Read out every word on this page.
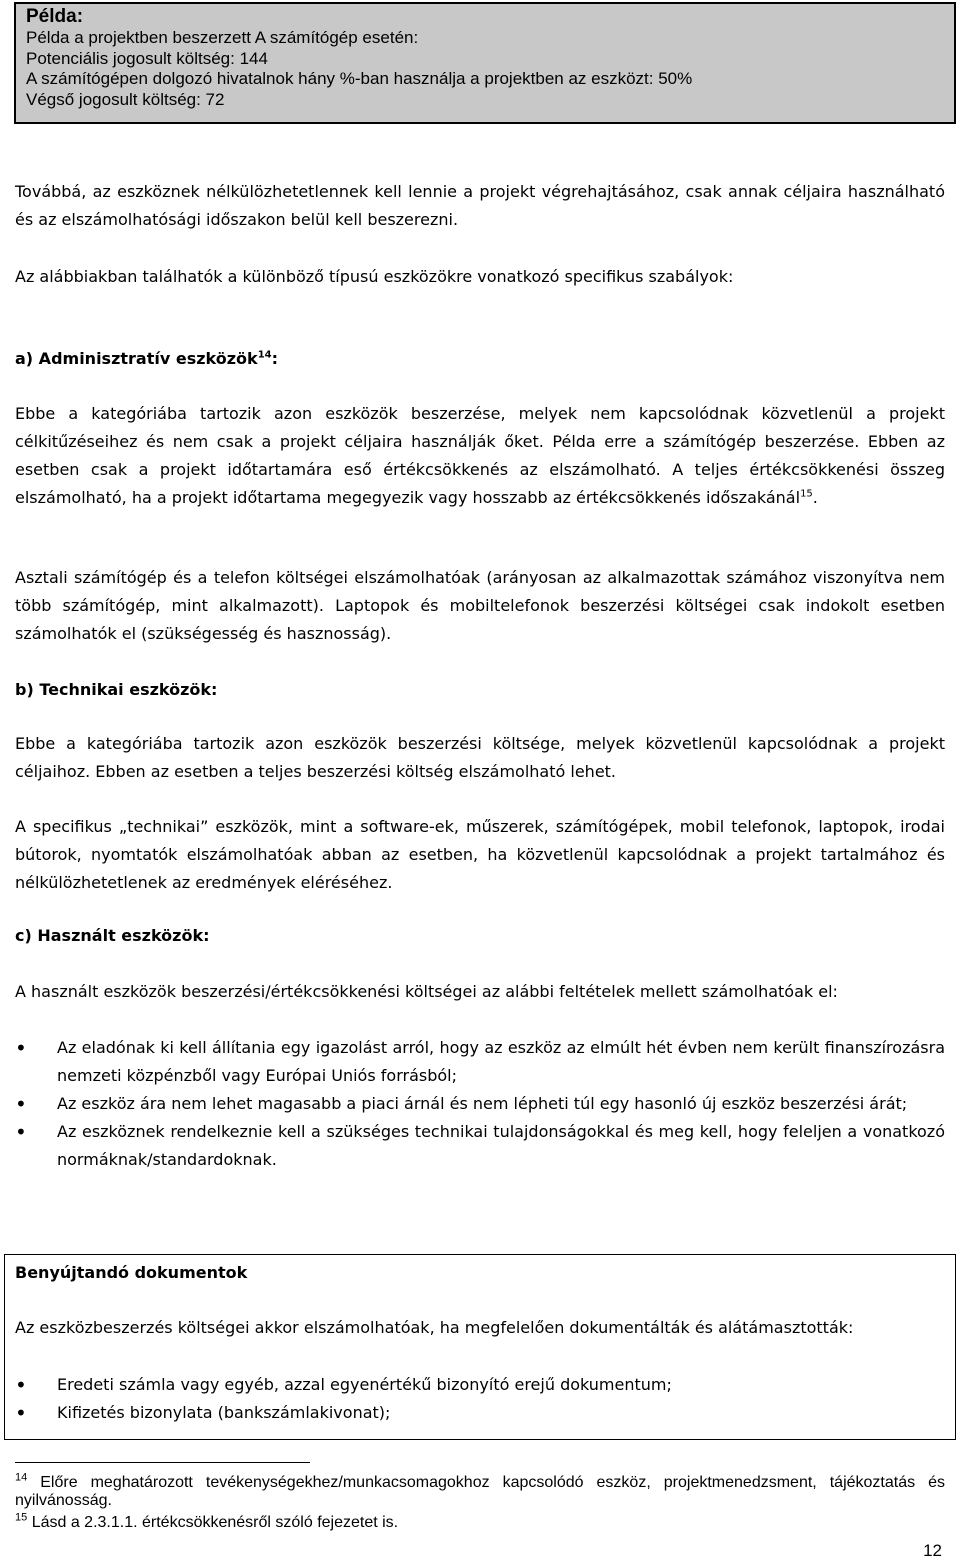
Példa:
Példa a projektben beszerzett A számítógép esetén:
Potenciális jogosult költség: 144
A számítógépen dolgozó hivatalnok hány %-ban használja a projektben az eszközt: 50%
Végső jogosult költség: 72

Továbbá, az eszköznek nélkülözhetetlennek kell lennie a projekt végrehajtásához, csak annak céljaira használható és az elszámolhatósági időszakon belül kell beszerezni.

Az alábbiakban találhatók a különböző típusú eszközökre vonatkozó specifikus szabályok:

a) Adminisztratív eszközök$^{14}$:

Ebbe a kategóriába tartozik azon eszközök beszerzése, melyek nem kapcsolódnak közvetlenül a projekt célkitűzéseihez és nem csak a projekt céljaira használják őket. Példa erre a számítógép beszerzése. Ebben az esetben csak a projekt időtartamára eső értékcsökkenés az elszámolható. A teljes értékcsökkenési összeg elszámolható, ha a projekt időtartama megegyezik vagy hosszabb az értékcsökkenés időszakánál$^{15}$.

Asztali számítógép és a telefon költségei elszámolhatóak (arányosan az alkalmazottak számához viszonyítva nem több számítógép, mint alkalmazott). Laptopok és mobiltelefonok beszerzési költségei csak indokolt esetben számolhatók el (szükségesség és hasznosság).

b) Technikai eszközök:

Ebbe a kategóriába tartozik azon eszközök beszerzési költsége, melyek közvetlenül kapcsolódnak a projekt céljaihoz. Ebben az esetben a teljes beszerzési költség elszámolható lehet.

A specifikus „technikai” eszközök, mint a software-ek, műszerek, számítógépek, mobil telefonok, laptopok, irodai bútorok, nyomtatók elszámolhatóak abban az esetben, ha közvetlenül kapcsolódnak a projekt tartalmához és nélkülözhetetlenek az eredmények eléréséhez.

c) Használt eszközök:

A használt eszközök beszerzési/értékcsökkenési költségei az alábbi feltételek mellett számolhatóak el:

• Az eladónak ki kell állítania egy igazolást arról, hogy az eszköz az elmúlt hét évben nem került finanszírozásra nemzeti közpénzből vagy Európai Uniós forrásból;
• Az eszköz ára nem lehet magasabb a piaci árnál és nem lépheti túl egy hasonló új eszköz beszerzési árát;
• Az eszköznek rendelkeznie kell a szükséges technikai tulajdonságokkal és meg kell, hogy feleljen a vonatkozó normáknak/standardoknak.

Benyújtandó dokumentok

Az eszközbeszerzés költségei akkor elszámolhatóak, ha megfelelően dokumentálták és alátámasztották:

• Eredeti számla vagy egyéb, azzal egyenértékű bizonyító erejű dokumentum;
• Kifizetés bizonylata (bankszámlakivonat);

$^{14}$ Előre meghatározott tevékenységekhez/munkacsomagokhoz kapcsolódó eszköz, projektmenedzsment, tájékoztatás és nyilvánosság.

$^{15}$ Lásd a 2.3.1.1. értékcsökkenésről szóló fejezetet is.

12
